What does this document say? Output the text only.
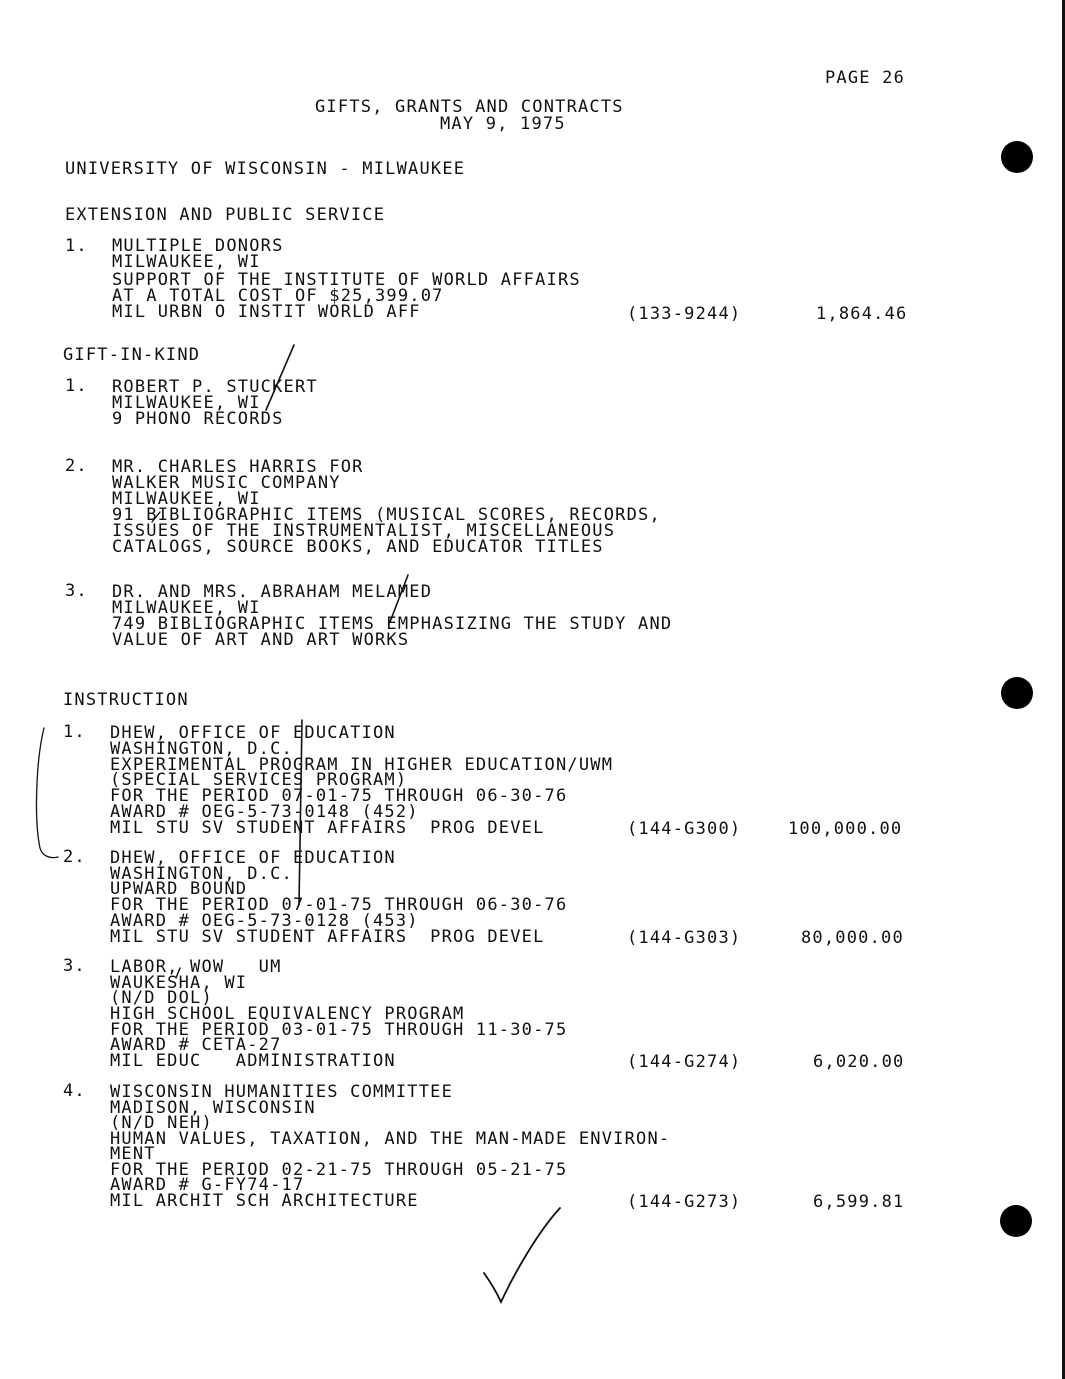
PAGE 26
GIFTS, GRANTS AND CONTRACTS
MAY 9, 1975
UNIVERSITY OF WISCONSIN - MILWAUKEE
EXTENSION AND PUBLIC SERVICE
1. MULTIPLE DONORS
MILWAUKEE, WI
SUPPORT OF THE INSTITUTE OF WORLD AFFAIRS
AT A TOTAL COST OF $25,399.07
MIL URBN O INSTIT WORLD AFF	(133-9244)	1,864.46
GIFT-IN-KIND
1. ROBERT P. STUCKERT
MILWAUKEE, WI
9 PHONO RECORDS
2. MR. CHARLES HARRIS FOR
WALKER MUSIC COMPANY
MILWAUKEE, WI
91 BIBLIOGRAPHIC ITEMS (MUSICAL SCORES, RECORDS,
ISSUES OF THE INSTRUMENTALIST, MISCELLANEOUS
CATALOGS, SOURCE BOOKS, AND EDUCATOR TITLES
3. DR. AND MRS. ABRAHAM MELAMED
MILWAUKEE, WI
749 BIBLIOGRAPHIC ITEMS EMPHASIZING THE STUDY AND
VALUE OF ART AND ART WORKS
INSTRUCTION
1. DHEW, OFFICE OF EDUCATION
WASHINGTON, D.C.
EXPERIMENTAL PROGRAM IN HIGHER EDUCATION/UWM
(SPECIAL SERVICES PROGRAM)
FOR THE PERIOD 07-01-75 THROUGH 06-30-76
AWARD # OEG-5-73-0148 (452)
MIL STU SV STUDENT AFFAIRS  PROG DEVEL	(144-G300)	100,000.00
2. DHEW, OFFICE OF EDUCATION
WASHINGTON, D.C.
UPWARD BOUND
FOR THE PERIOD 07-01-75 THROUGH 06-30-76
AWARD # OEG-5-73-0128 (453)
MIL STU SV STUDENT AFFAIRS  PROG DEVEL	(144-G303)	80,000.00
3. LABOR, WOW   UM
WAUKESHA, WI
(N/D DOL)
HIGH SCHOOL EQUIVALENCY PROGRAM
FOR THE PERIOD 03-01-75 THROUGH 11-30-75
AWARD # CETA-27
MIL EDUC   ADMINISTRATION	(144-G274)	6,020.00
4. WISCONSIN HUMANITIES COMMITTEE
MADISON, WISCONSIN
(N/D NEH)
HUMAN VALUES, TAXATION, AND THE MAN-MADE ENVIRON-
MENT
FOR THE PERIOD 02-21-75 THROUGH 05-21-75
AWARD # G-FY74-17
MIL ARCHIT SCH ARCHITECTURE	(144-G273)	6,599.81
